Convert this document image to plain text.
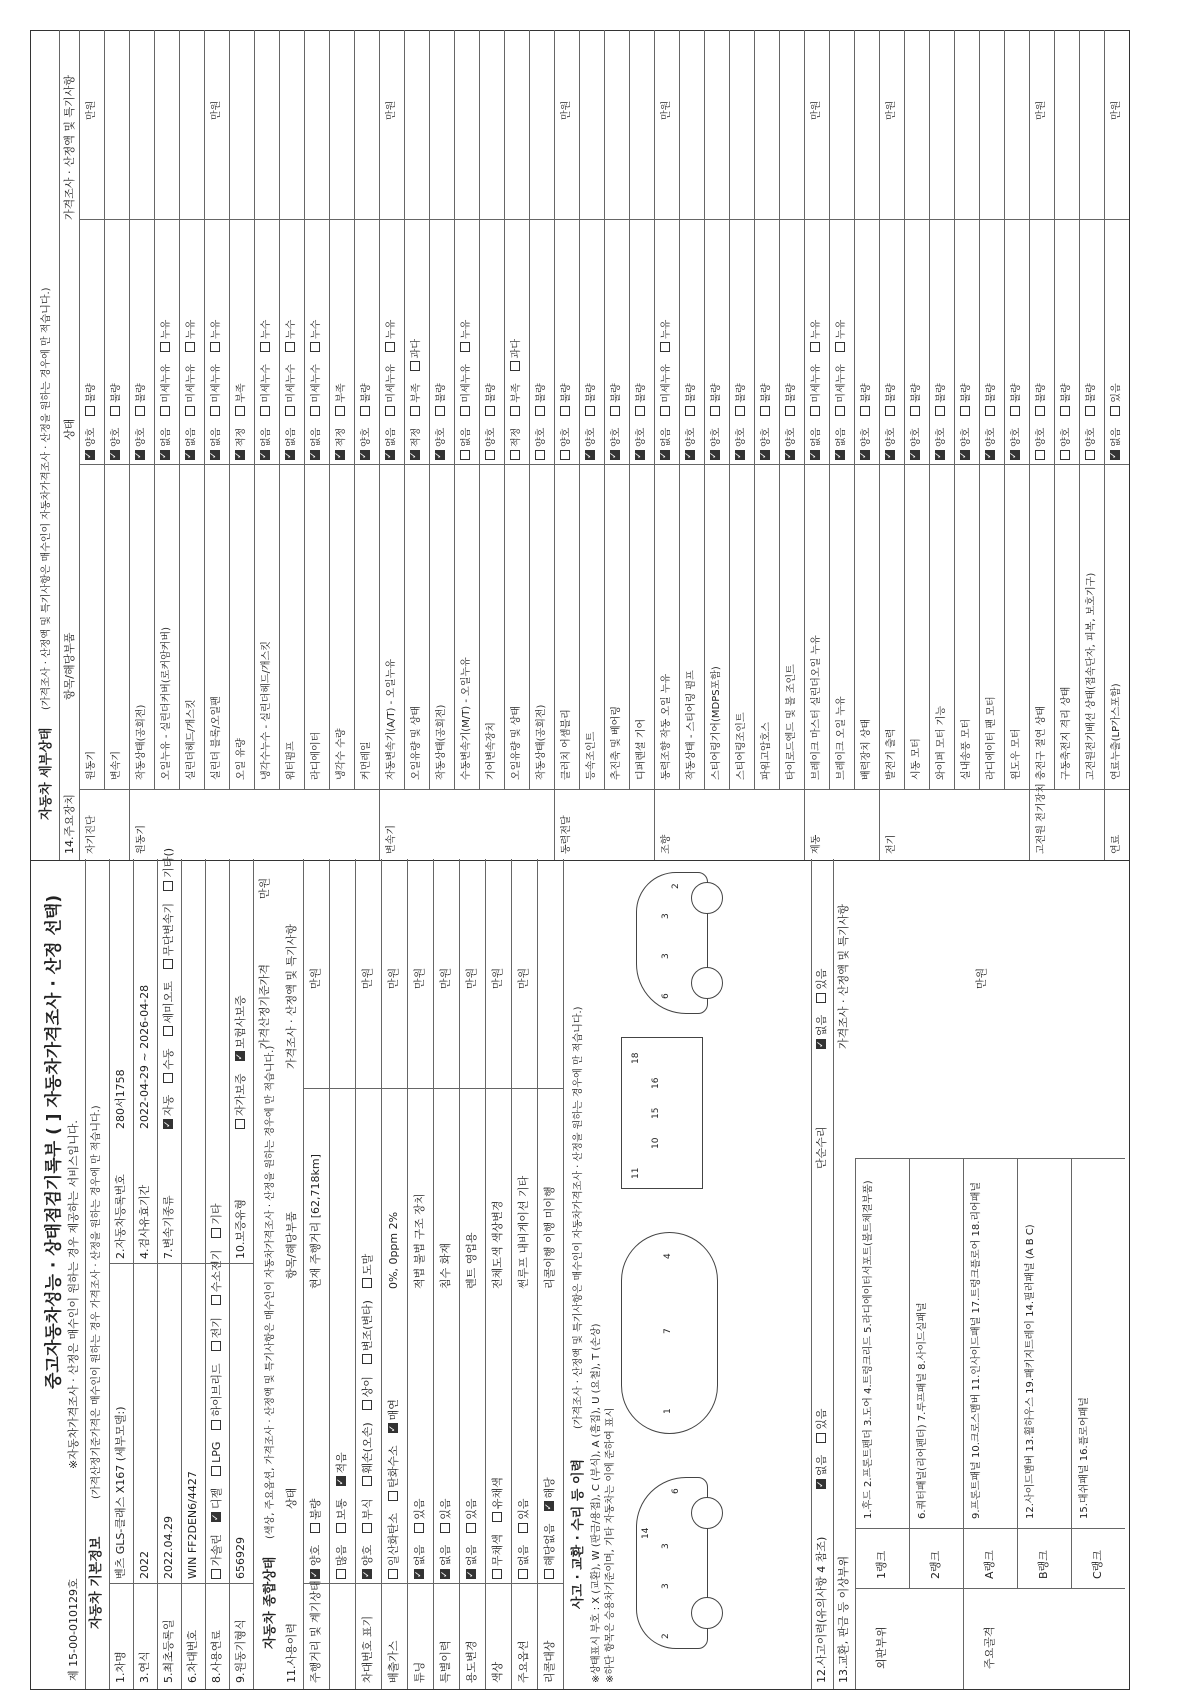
중고자동차성능 · 상태점검기록부 ( ] 자동차가격조사 · 산정 선택)
제 15-00-010129호
※자동차가격조사 · 산정은 매수인이 원하는 경우 제공하는 서비스입니다.
자동차 기본정보
(가격산정기준가격은 매수인이 원하는 경우 가격조사 · 산정을 원하는 경우에 만 적습니다.)
1.차명
벤츠 GLS-클래스 X167 (세부모델:)
2.자동차등록번호
280서1758
3.연식
2022
4.검사유효기간
2022-04-29 ~ 2026-04-28
5.최초등록일
2022.04.29
7.변속기종류
6.차대번호
WIN FF2DEN6/4427
8.사용연료 9.원동기형식
656929
10.보증유형
✓자동수동세미오토무단변속기기타()
가솔린✓디젤LPG하이브리드전기수소전기기타
자가보증✓보험사보증 가격산정기준가격
만원
자동차 종합상태
(색상, 주요옵션, 가격조사 · 산정액 및 특기사항은 매수인이 자동차가격조사 · 산정을 원하는 경우에 만 적습니다.)
11.사용이력
상태
항목/해당부품
가격조사 · 산정액 및 특기사항
주행거리 및 계기상태
✓양호불량
현재 주행거리 [62,718km]
만원
많음보통✓적음
차대번호 표기
✓양호부식훼손(오손)상이변조(변타)도말
만원
배출가스
일산화탄소탄화수소✓매연
0%, 0ppm 2%
만원
튜닝
✓없음있음
적법 불법 구조 장치
만원
특별이력
✓없음있음
침수 화재
만원
용도변경
✓없음있음
렌트 영업용
만원
색상
무채색유채색
전체도색 색상변경
만원
주요옵션
없음있음
썬루프 내비게이션 기타
만원
리콜대상
해당없음✓해당
리콜이행 이행 미이행
사고 · 교환 · 수리 등 이력
(가격조사 · 산정액 및 특기사항은 매수인이 자동차가격조사 · 산정을 원하는 경우에 만 적습니다.)
※상태표시 부호 : X (교환), W (판금/용접), C (부식), A (흠집), U (요철), T (손상) ※하단 항목은 승용차기준이며, 기타 자동차는 이에 준하여 표시	2
3
3
6
14
1
7
4
11
10
15
16
18
6
3
3
2
12.사고이력(유의사항 4 참조)
✓없음있음
단순수리
✓없음있음
13.교환, 판금 등 이상부위
가격조사 · 산정액 및 특기사항
외판부위
1랭크
1.후드 2.프론트펜더 3.도어 4.트렁크리드 5.라디에이터서포트(볼트체결부품)
2랭크
6.쿼터패널(리어펜더) 7.루프패널 8.사이드실패널
주요골격
A랭크
9.프론트패널 10.크로스멤버 11.인사이드패널 17.트렁크플로어 18.리어패널
B랭크
12.사이드멤버 13.휠하우스 19.패키지트레이 14.필러패널 (A B C)
C랭크
15.대쉬패널 16.플로어패널
만원
자동차 세부상태
(가격조사 · 산정액 및 특기사항은 매수인이 자동차가격조사 · 산정을 원하는 경우에 만 적습니다.)
14.주요장치
항목/해당부품
상태
가격조사 · 산정액 및 특기사항
자기진단
원동기
✓양호불량
만원
변속기
✓양호불량
원동기
작동상태(공회전)
✓양호불량
오일누유 - 실린더커버(로커암커버)
✓없음미세누유누유
실린더헤드/개스킷
✓없음미세누유누유
실린더 블록/오일팬
✓없음미세누유누유
만원
오일 유량
✓적정부족
냉각수누수 - 실린더헤드/개스킷
✓없음미세누수누수
워터펌프
✓없음미세누수누수
라디에이터
✓없음미세누수누수
냉각수 수량
✓적정부족
커먼레일
✓양호불량
변속기
자동변속기(A/T) - 오일누유
✓없음미세누유누유
만원
오일유량 및 상태
✓적정부족과다
작동상태(공회전)
✓양호불량
수동변속기(M/T) - 오일누유
없음미세누유누유
기어변속장치
양호불량
오일유량 및 상태
적정부족과다
작동상태(공회전)
양호불량
동력전달
클러치 어셈블리
양호불량
만원
등속조인트
✓양호불량
추진축 및 베어링
✓양호불량
디퍼렌셜 기어
✓양호불량
조향
동력조향 작동 오일 누유
✓없음미세누유누유
만원
작동상태 - 스티어링 펌프
✓양호불량
스티어링기어(MDPS포함)
✓양호불량
스티어링조인트
✓양호불량
파워고압호스
✓양호불량
타이로드엔드 및 볼 조인트
✓양호불량
제동
브레이크 마스터 실린더오일 누유
✓없음미세누유누유
만원
브레이크 오일 누유
✓없음미세누유누유
배력장치 상태
✓양호불량
전기
발전기 출력
✓양호불량
만원
시동 모터
✓양호불량
와이퍼 모터 기능
✓양호불량
실내송풍 모터
✓양호불량
라디에이터 팬 모터
✓양호불량
윈도우 모터
✓양호불량
고전원 전기장치
충전구 절연 상태
양호불량
만원
구동축전지 격리 상태
양호불량
고전원전기배선 상태(접속단자, 피복, 보호기구)
양호불량
연료
연료누출(LP가스포함)
✓없음있음
만원
